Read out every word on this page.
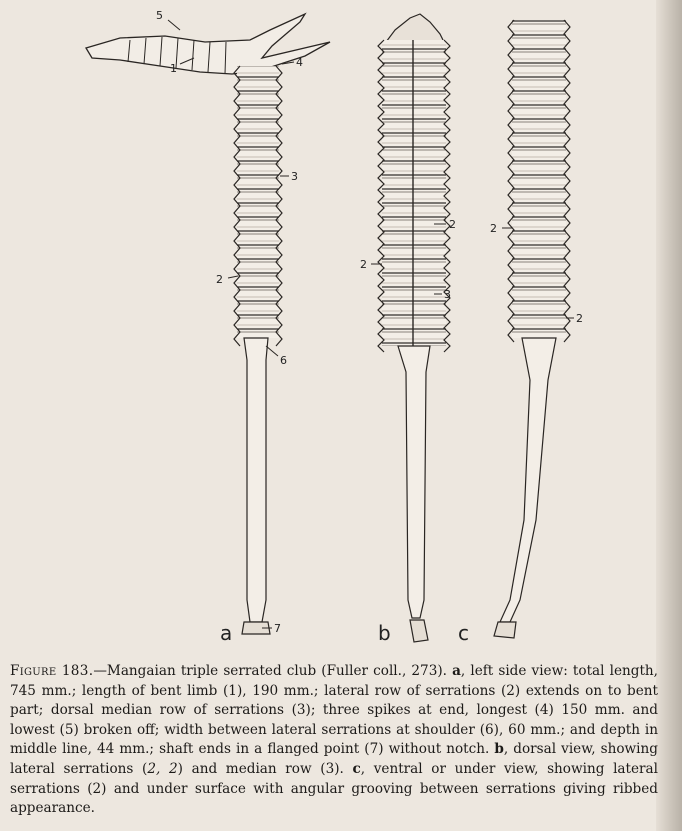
5
1	4
3
2
6
7
2
2
3
2
2
a	b	c
Figure 183.—Mangaian triple serrated club (Fuller coll., 273). a, left side view: total length, 745 mm.; length of bent limb (1), 190 mm.; lateral row of serrations (2) extends on to bent part; dorsal median row of serrations (3); three spikes at end, longest (4) 150 mm. and lowest (5) broken off; width between lateral serrations at shoulder (6), 60 mm.; and depth in middle line, 44 mm.; shaft ends in a flanged point (7) without notch. b, dorsal view, showing lateral serrations (2, 2) and median row (3). c, ventral or under view, showing lateral serrations (2) and under surface with angular grooving between serrations giving ribbed appearance.
